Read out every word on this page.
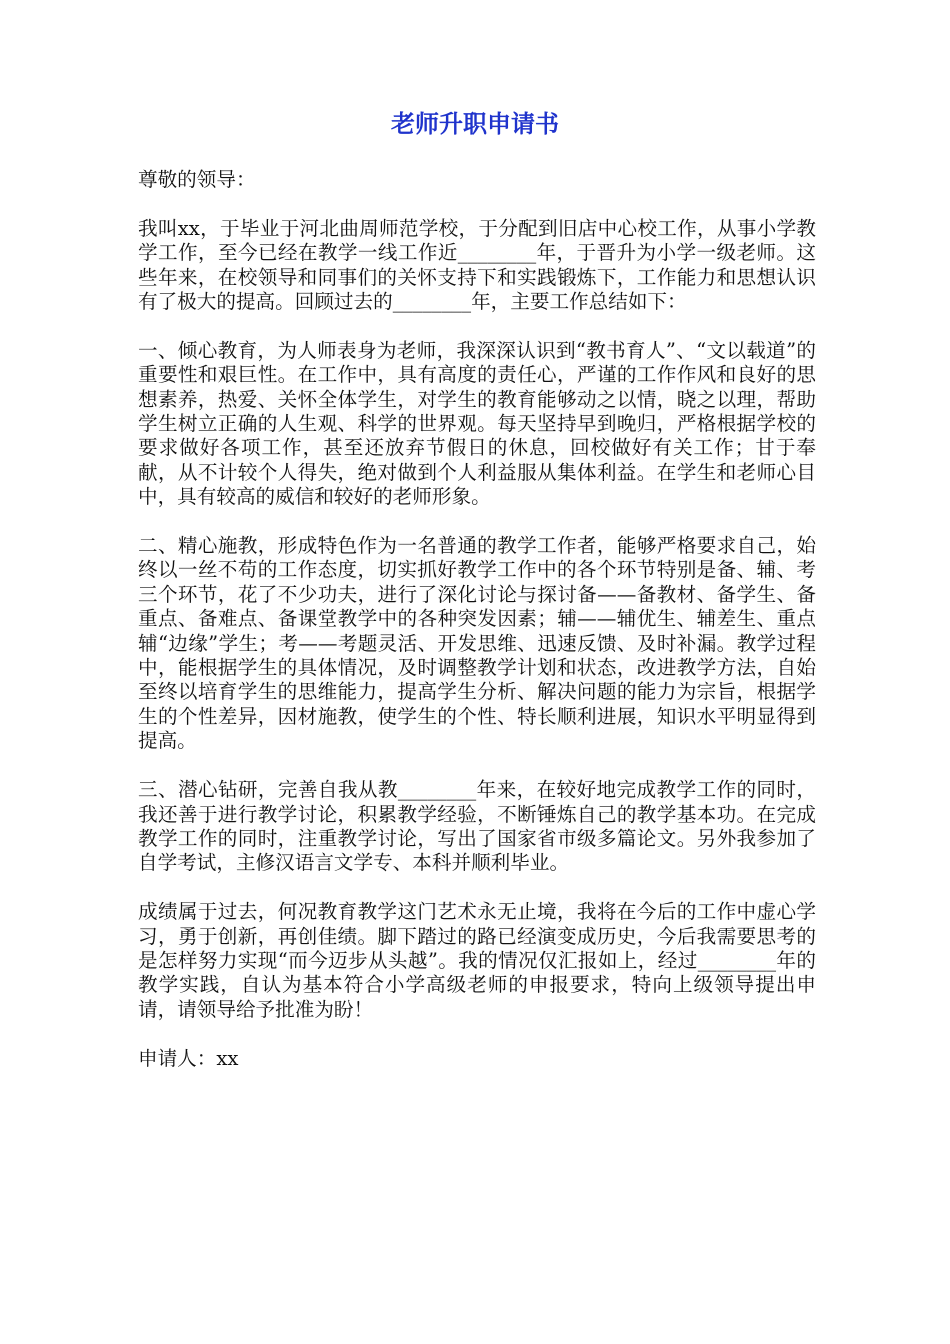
老师升职申请书

尊敬的领导：

我叫xx，于毕业于河北曲周师范学校，于分配到旧店中心校工作，从事小学教学工作，至今已经在教学一线工作近________年，于晋升为小学一级老师。这些年来，在校领导和同事们的关怀支持下和实践锻炼下，工作能力和思想认识有了极大的提高。回顾过去的________年，主要工作总结如下：

一、倾心教育，为人师表身为老师，我深深认识到“教书育人”、“文以载道”的重要性和艰巨性。在工作中，具有高度的责任心，严谨的工作作风和良好的思想素养，热爱、关怀全体学生，对学生的教育能够动之以情，晓之以理，帮助学生树立正确的人生观、科学的世界观。每天坚持早到晚归，严格根据学校的要求做好各项工作，甚至还放弃节假日的休息，回校做好有关工作；甘于奉献，从不计较个人得失，绝对做到个人利益服从集体利益。在学生和老师心目中，具有较高的威信和较好的老师形象。

二、精心施教，形成特色作为一名普通的教学工作者，能够严格要求自己，始终以一丝不苟的工作态度，切实抓好教学工作中的各个环节特别是备、辅、考三个环节，花了不少功夫，进行了深化讨论与探讨备——备教材、备学生、备重点、备难点、备课堂教学中的各种突发因素；辅——辅优生、辅差生、重点辅“边缘”学生；考——考题灵活、开发思维、迅速反馈、及时补漏。教学过程中，能根据学生的具体情况，及时调整教学计划和状态，改进教学方法，自始至终以培育学生的思维能力，提高学生分析、解决问题的能力为宗旨，根据学生的个性差异，因材施教，使学生的个性、特长顺利进展，知识水平明显得到提高。

三、潜心钻研，完善自我从教________年来，在较好地完成教学工作的同时，我还善于进行教学讨论，积累教学经验，不断锤炼自己的教学基本功。在完成教学工作的同时，注重教学讨论，写出了国家省市级多篇论文。另外我参加了自学考试，主修汉语言文学专、本科并顺利毕业。

成绩属于过去，何况教育教学这门艺术永无止境，我将在今后的工作中虚心学习，勇于创新，再创佳绩。脚下踏过的路已经演变成历史，今后我需要思考的是怎样努力实现“而今迈步从头越”。我的情况仅汇报如上，经过________年的教学实践，自认为基本符合小学高级老师的申报要求，特向上级领导提出申请，请领导给予批准为盼！

申请人：xx
